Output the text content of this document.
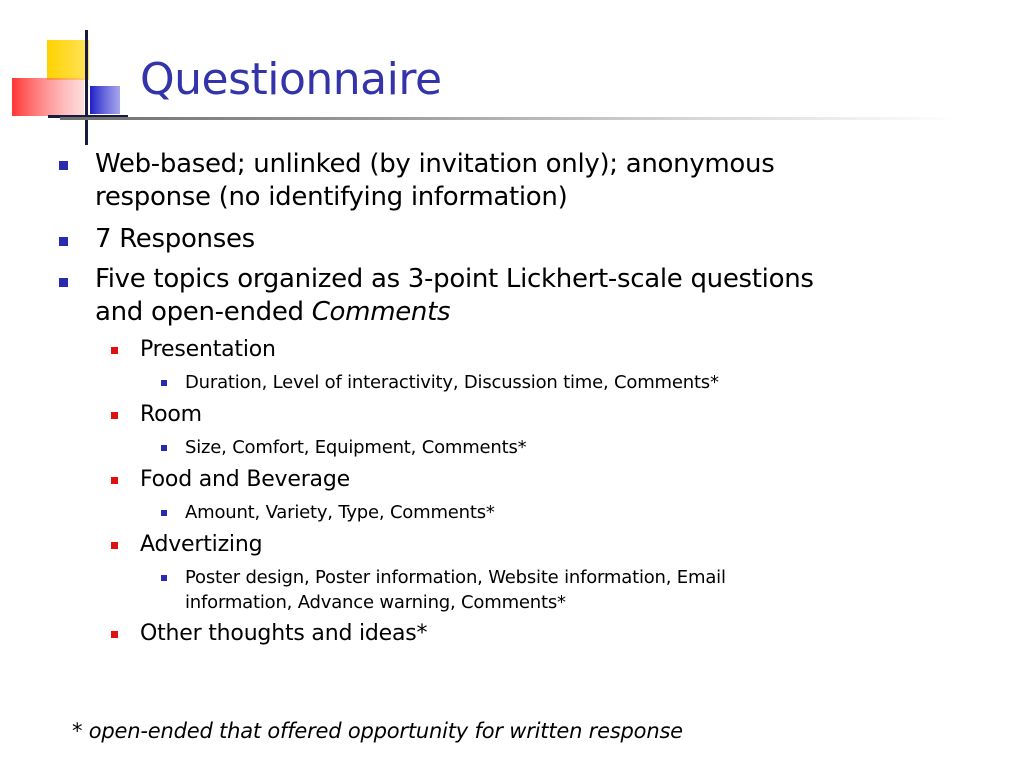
Questionnaire

Web-based; unlinked (by invitation only); anonymous

response (no identifying information)

7 Responses

Five topics organized as 3-point Lickhert-scale questions

and open-ended Comments

Presentation

Duration, Level of interactivity, Discussion time, Comments*

Room

Size, Comfort, Equipment, Comments*

Food and Beverage

Amount, Variety, Type, Comments*

Advertizing

Poster design, Poster information, Website information, Email

information, Advance warning, Comments*

Other thoughts and ideas*

* open-ended that offered opportunity for written response
